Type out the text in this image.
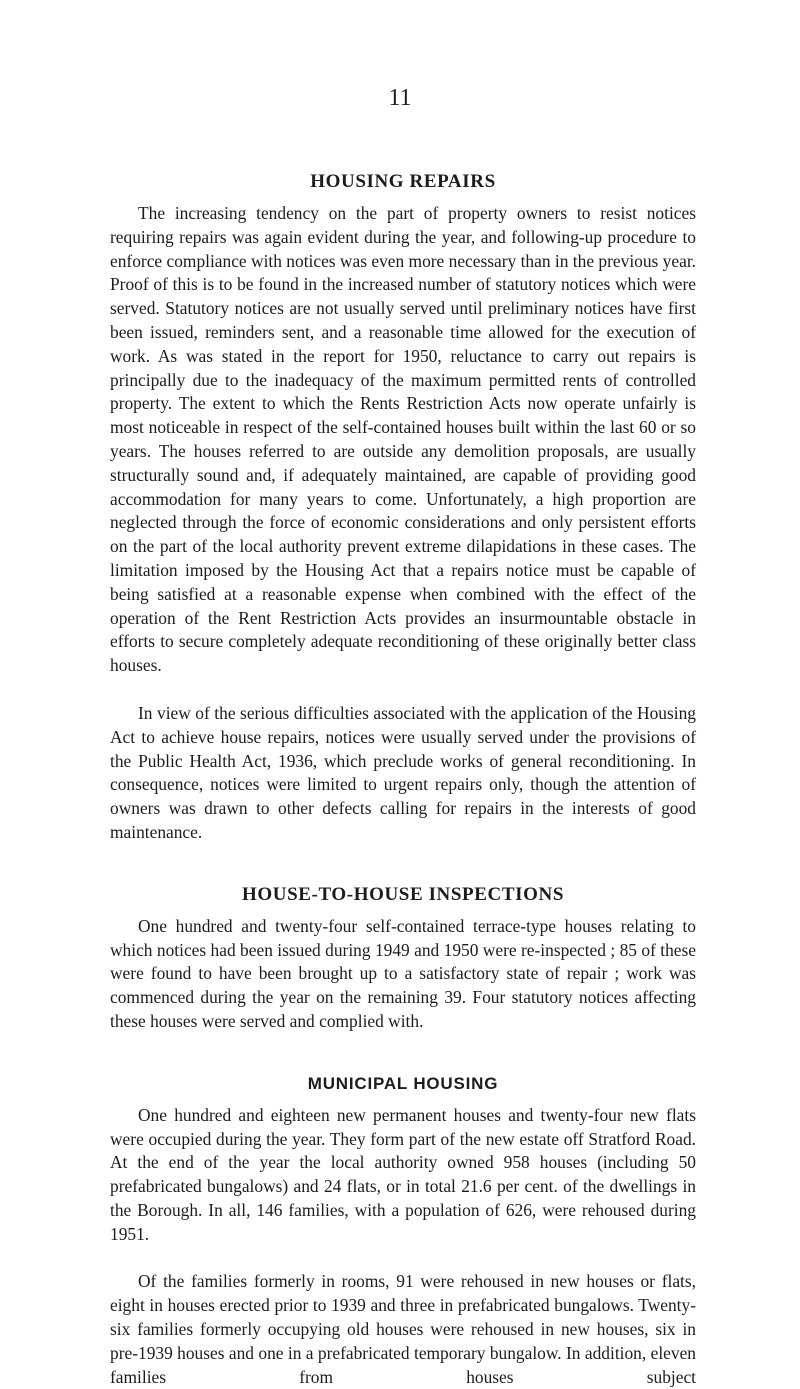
11
HOUSING REPAIRS

The increasing tendency on the part of property owners to resist notices requiring repairs was again evident during the year, and following-up procedure to enforce compliance with notices was even more necessary than in the previous year. Proof of this is to be found in the increased number of statutory notices which were served. Statutory notices are not usually served until preliminary notices have first been issued, reminders sent, and a reasonable time allowed for the execution of work. As was stated in the report for 1950, reluctance to carry out repairs is principally due to the inadequacy of the maximum permitted rents of controlled property. The extent to which the Rents Restriction Acts now operate unfairly is most noticeable in respect of the self-contained houses built within the last 60 or so years. The houses referred to are outside any demolition proposals, are usually structurally sound and, if adequately maintained, are capable of providing good accommodation for many years to come. Unfortunately, a high proportion are neglected through the force of economic considerations and only persistent efforts on the part of the local authority prevent extreme dilapidations in these cases. The limitation imposed by the Housing Act that a repairs notice must be capable of being satisfied at a reasonable expense when combined with the effect of the operation of the Rent Restriction Acts provides an insurmountable obstacle in efforts to secure completely adequate reconditioning of these originally better class houses.

In view of the serious difficulties associated with the application of the Housing Act to achieve house repairs, notices were usually served under the provisions of the Public Health Act, 1936, which preclude works of general reconditioning. In consequence, notices were limited to urgent repairs only, though the attention of owners was drawn to other defects calling for repairs in the interests of good maintenance.

HOUSE-TO-HOUSE INSPECTIONS

One hundred and twenty-four self-contained terrace-type houses relating to which notices had been issued during 1949 and 1950 were re-inspected ; 85 of these were found to have been brought up to a satisfactory state of repair ; work was commenced during the year on the remaining 39. Four statutory notices affecting these houses were served and complied with.

MUNICIPAL HOUSING

One hundred and eighteen new permanent houses and twenty-four new flats were occupied during the year. They form part of the new estate off Stratford Road. At the end of the year the local authority owned 958 houses (including 50 prefabricated bungalows) and 24 flats, or in total 21.6 per cent. of the dwellings in the Borough. In all, 146 families, with a population of 626, were rehoused during 1951.

Of the families formerly in rooms, 91 were rehoused in new houses or flats, eight in houses erected prior to 1939 and three in prefabricated bungalows. Twenty-six families formerly occupying old houses were rehoused in new houses, six in pre-1939 houses and one in a prefabricated temporary bungalow. In addition, eleven families from houses subject
